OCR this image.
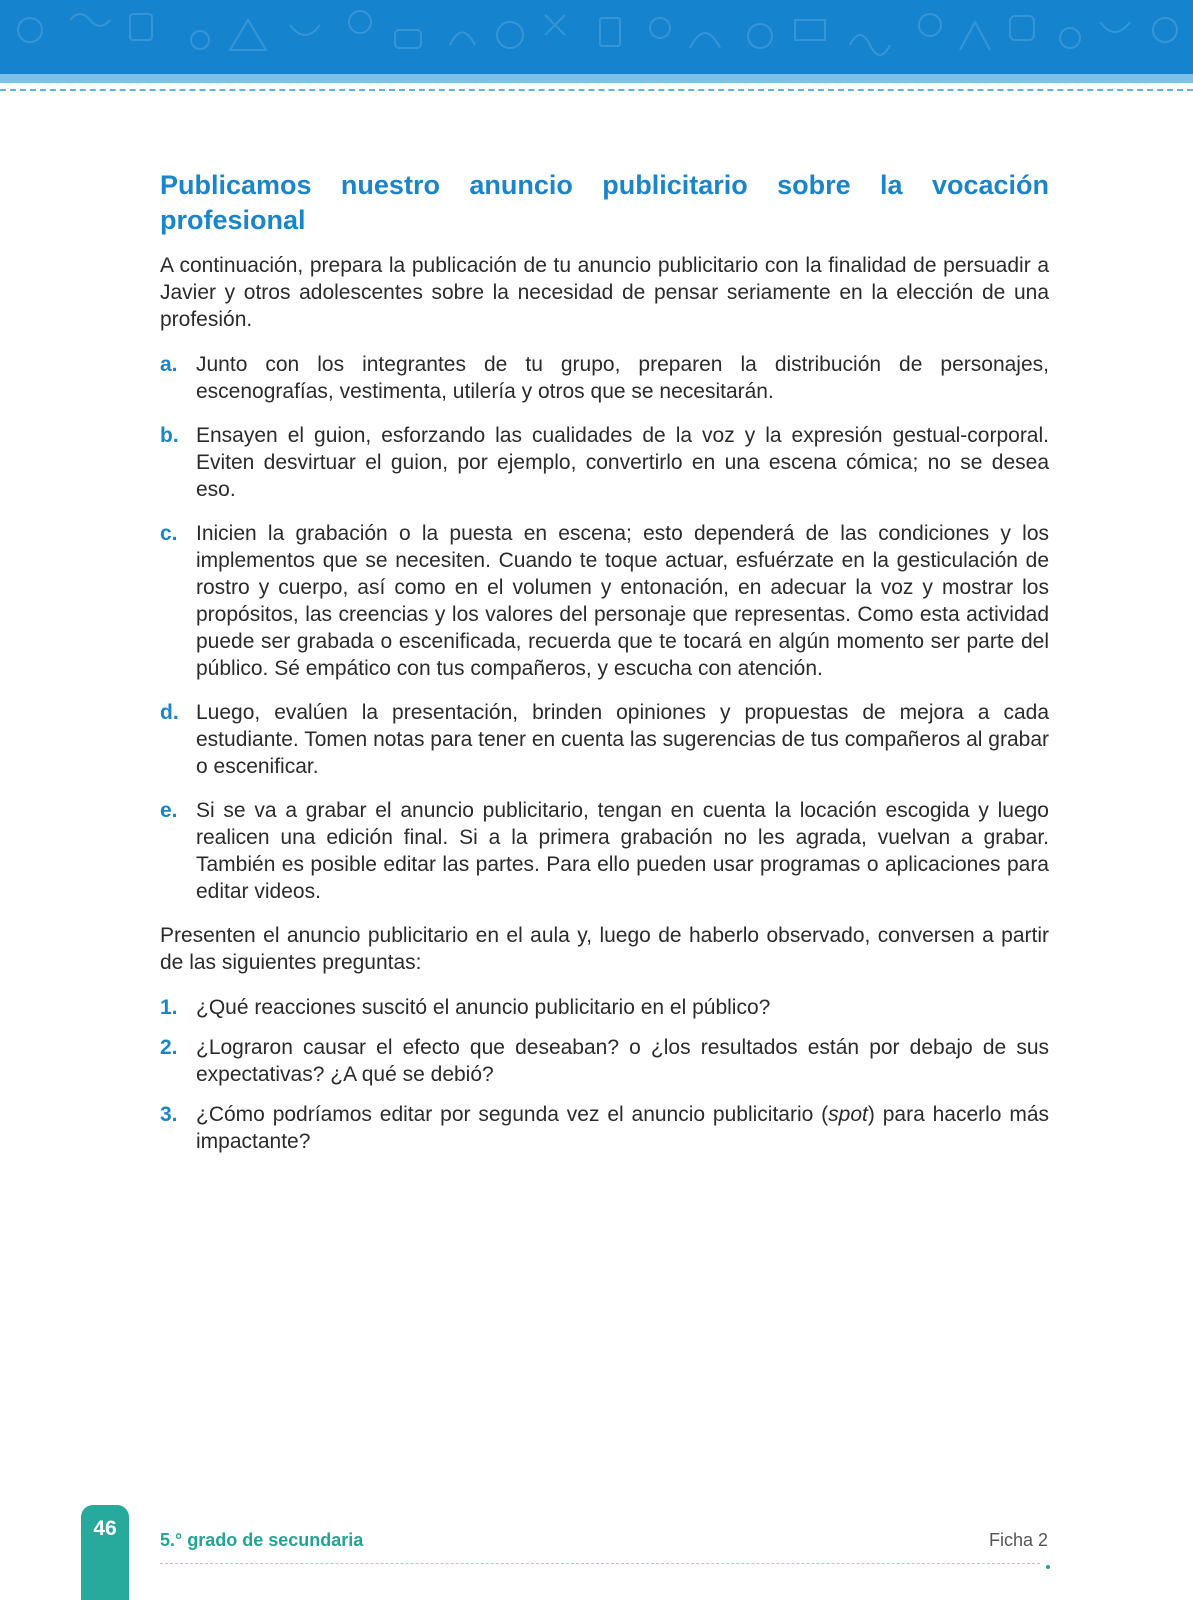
Publicamos nuestro anuncio publicitario sobre la vocación profesional

A continuación, prepara la publicación de tu anuncio publicitario con la finalidad de persuadir a Javier y otros adolescentes sobre la necesidad de pensar seriamente en la elección de una profesión.

a. Junto con los integrantes de tu grupo, preparen la distribución de personajes, escenografías, vestimenta, utilería y otros que se necesitarán.
b. Ensayen el guion, esforzando las cualidades de la voz y la expresión gestual-corporal. Eviten desvirtuar el guion, por ejemplo, convertirlo en una escena cómica; no se desea eso.
c. Inicien la grabación o la puesta en escena; esto dependerá de las condiciones y los implementos que se necesiten. Cuando te toque actuar, esfuérzate en la gesticulación de rostro y cuerpo, así como en el volumen y entonación, en adecuar la voz y mostrar los propósitos, las creencias y los valores del personaje que representas. Como esta actividad puede ser grabada o escenificada, recuerda que te tocará en algún momento ser parte del público. Sé empático con tus compañeros, y escucha con atención.
d. Luego, evalúen la presentación, brinden opiniones y propuestas de mejora a cada estudiante. Tomen notas para tener en cuenta las sugerencias de tus compañeros al grabar o escenificar.
e. Si se va a grabar el anuncio publicitario, tengan en cuenta la locación escogida y luego realicen una edición final. Si a la primera grabación no les agrada, vuelvan a grabar. También es posible editar las partes. Para ello pueden usar programas o aplicaciones para editar videos.

Presenten el anuncio publicitario en el aula y, luego de haberlo observado, conversen a partir de las siguientes preguntas:

1. ¿Qué reacciones suscitó el anuncio publicitario en el público?
2. ¿Lograron causar el efecto que deseaban? o ¿los resultados están por debajo de sus expectativas? ¿A qué se debió?
3. ¿Cómo podríamos editar por segunda vez el anuncio publicitario (spot) para hacerlo más impactante?
46	5.° grado de secundaria	Ficha 2
